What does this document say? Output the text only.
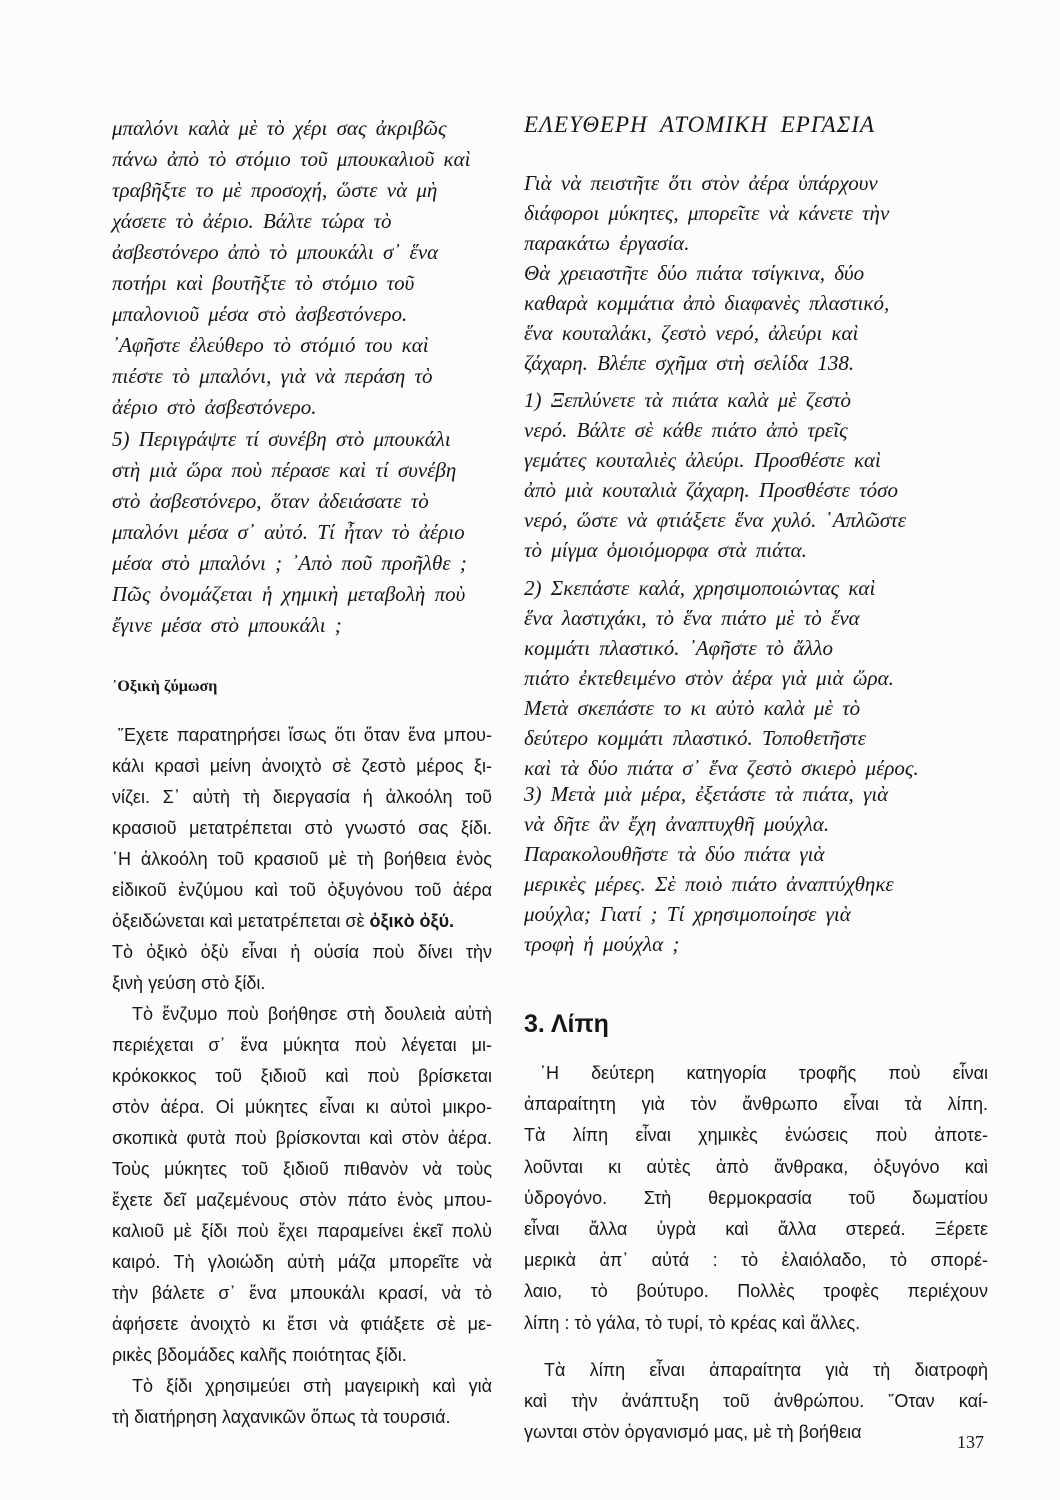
μπαλόνι καλὰ μὲ τὸ χέρι σας ἀκριβῶς
πάνω ἀπὸ τὸ στόμιο τοῦ μπουκαλιοῦ καὶ
τραβῆξτε το μὲ προσοχή, ὥστε νὰ μὴ
χάσετε τὸ ἀέριο. Βάλτε τώρα τὸ
ἀσβεστόνερο ἀπὸ τὸ μπουκάλι σ᾿ ἕνα
ποτήρι καὶ βουτῆξτε τὸ στόμιο τοῦ
μπαλονιοῦ μέσα στὸ ἀσβεστόνερο.
᾿Αφῆστε ἐλεύθερο τὸ στόμιό του καὶ
πιέστε τὸ μπαλόνι, γιὰ νὰ περάση τὸ
ἀέριο στὸ ἀσβεστόνερο.
5) Περιγράψτε τί συνέβη στὸ μπουκάλι
στὴ μιὰ ὥρα ποὺ πέρασε καὶ τί συνέβη
στὸ ἀσβεστόνερο, ὅταν ἀδειάσατε τὸ
μπαλόνι μέσα σ᾿ αὐτό. Τί ἦταν τὸ ἀέριο
μέσα στὸ μπαλόνι ; ᾿Απὸ ποῦ προῆλθε ;
Πῶς ὀνομάζεται ἡ χημικὴ μεταβολὴ ποὺ
ἔγινε μέσα στὸ μπουκάλι ;
῞Εχετε παρατηρήσει ἴσως ὅτι ὅταν ἕνα μπου-
κάλι κρασὶ μείνη ἀνοιχτὸ σὲ ζεστὸ μέρος ξι-
νίζει. Σ᾿ αὐτὴ τὴ διεργασία ἡ ἀλκοόλη τοῦ
κρασιοῦ μετατρέπεται στὸ γνωστό σας ξίδι.
῾Η ἀλκοόλη τοῦ κρασιοῦ μὲ τὴ βοήθεια ἑνὸς
εἰδικοῦ ἐνζύμου καὶ τοῦ ὀξυγόνου τοῦ ἀέρα
ὀξειδώνεται καὶ μετατρέπεται σὲ ὀξικὸ ὀξύ.
Τὸ ὀξικὸ ὀξὺ εἶναι ἡ οὐσία ποὺ δίνει τὴν
ξινὴ γεύση στὸ ξίδι.
Τὸ ἔνζυμο ποὺ βοήθησε στὴ δουλειὰ αὐτὴ
περιέχεται σ᾿ ἕνα μύκητα ποὺ λέγεται μι-
κρόκοκκος τοῦ ξιδιοῦ καὶ ποὺ βρίσκεται
στὸν ἀέρα. Οἱ μύκητες εἶναι κι αὐτοὶ μικρο-
σκοπικὰ φυτὰ ποὺ βρίσκονται καὶ στὸν ἀέρα.
Τοὺς μύκητες τοῦ ξιδιοῦ πιθανὸν νὰ τοὺς
ἔχετε δεῖ μαζεμένους στὸν πάτο ἑνὸς μπου-
καλιοῦ μὲ ξίδι ποὺ ἔχει παραμείνει ἐκεῖ πολὺ
καιρό. Τὴ γλοιώδη αὐτὴ μάζα μπορεῖτε νὰ
τὴν βάλετε σ᾿ ἕνα μπουκάλι κρασί, νὰ τὸ
ἀφήσετε ἀνοιχτὸ κι ἔτσι νὰ φτιάξετε σὲ με-
ρικὲς βδομάδες καλῆς ποιότητας ξίδι.
Τὸ ξίδι χρησιμεύει στὴ μαγειρικὴ καὶ γιὰ
τὴ διατήρηση λαχανικῶν ὅπως τὰ τουρσιά.
Γιὰ νὰ πειστῆτε ὅτι στὸν ἀέρα ὑπάρχουν
διάφοροι μύκητες, μπορεῖτε νὰ κάνετε τὴν
παρακάτω ἐργασία.
Θὰ χρειαστῆτε δύο πιάτα τσίγκινα, δύο
καθαρὰ κομμάτια ἀπὸ διαφανὲς πλαστικό,
ἕνα κουταλάκι, ζεστὸ νερό, ἀλεύρι καὶ
ζάχαρη. Βλέπε σχῆμα στὴ σελίδα 138.
1) Ξεπλύνετε τὰ πιάτα καλὰ μὲ ζεστὸ
νερό. Βάλτε σὲ κάθε πιάτο ἀπὸ τρεῖς
γεμάτες κουταλιὲς ἀλεύρι. Προσθέστε καὶ
ἀπὸ μιὰ κουταλιὰ ζάχαρη. Προσθέστε τόσο
νερό, ὥστε νὰ φτιάξετε ἕνα χυλό. ῾Απλῶστε
τὸ μίγμα ὁμοιόμορφα στὰ πιάτα.
2) Σκεπάστε καλά, χρησιμοποιώντας καὶ
ἕνα λαστιχάκι, τὸ ἕνα πιάτο μὲ τὸ ἕνα
κομμάτι πλαστικό. ᾿Αφῆστε τὸ ἄλλο
πιάτο ἐκτεθειμένο στὸν ἀέρα γιὰ μιὰ ὥρα.
Μετὰ σκεπάστε το κι αὐτὸ καλὰ μὲ τὸ
δεύτερο κομμάτι πλαστικό. Τοποθετῆστε
καὶ τὰ δύο πιάτα σ᾿ ἕνα ζεστὸ σκιερὸ μέρος.
3) Μετὰ μιὰ μέρα, ἐξετάστε τὰ πιάτα, γιὰ
νὰ δῆτε ἂν ἔχη ἀναπτυχθῆ μούχλα.
Παρακολουθῆστε τὰ δύο πιάτα γιὰ
μερικὲς μέρες. Σὲ ποιὸ πιάτο ἀναπτύχθηκε
μούχλα; Γιατί ; Τί χρησιμοποίησε γιὰ
τροφὴ ἡ μούχλα ;
῾Η δεύτερη κατηγορία τροφῆς ποὺ εἶναι
ἀπαραίτητη γιὰ τὸν ἄνθρωπο εἶναι τὰ λίπη.
Τὰ λίπη εἶναι χημικὲς ἑνώσεις ποὺ ἀποτε-
λοῦνται κι αὐτὲς ἀπὸ ἄνθρακα, ὀξυγόνο καὶ
ὑδρογόνο. Στὴ θερμοκρασία τοῦ δωματίου
εἶναι ἄλλα ὑγρὰ καὶ ἄλλα στερεά. Ξέρετε
μερικὰ ἀπ᾿ αὐτά : τὸ ἐλαιόλαδο, τὸ σπορέ-
λαιο, τὸ βούτυρο. Πολλὲς τροφὲς περιέχουν
λίπη : τὸ γάλα, τὸ τυρί, τὸ κρέας καὶ ἄλλες.
Τὰ λίπη εἶναι ἀπαραίτητα γιὰ τὴ διατροφὴ
καὶ τὴν ἀνάπτυξη τοῦ ἀνθρώπου. ῞Οταν καί-
γωνται στὸν ὀργανισμό μας, μὲ τὴ βοήθεια
᾿Οξικὴ ζύμωση
ΕΛΕΥΘΕΡΗ ΑΤΟΜΙΚΗ ΕΡΓΑΣΙΑ
3. Λίπη
137
